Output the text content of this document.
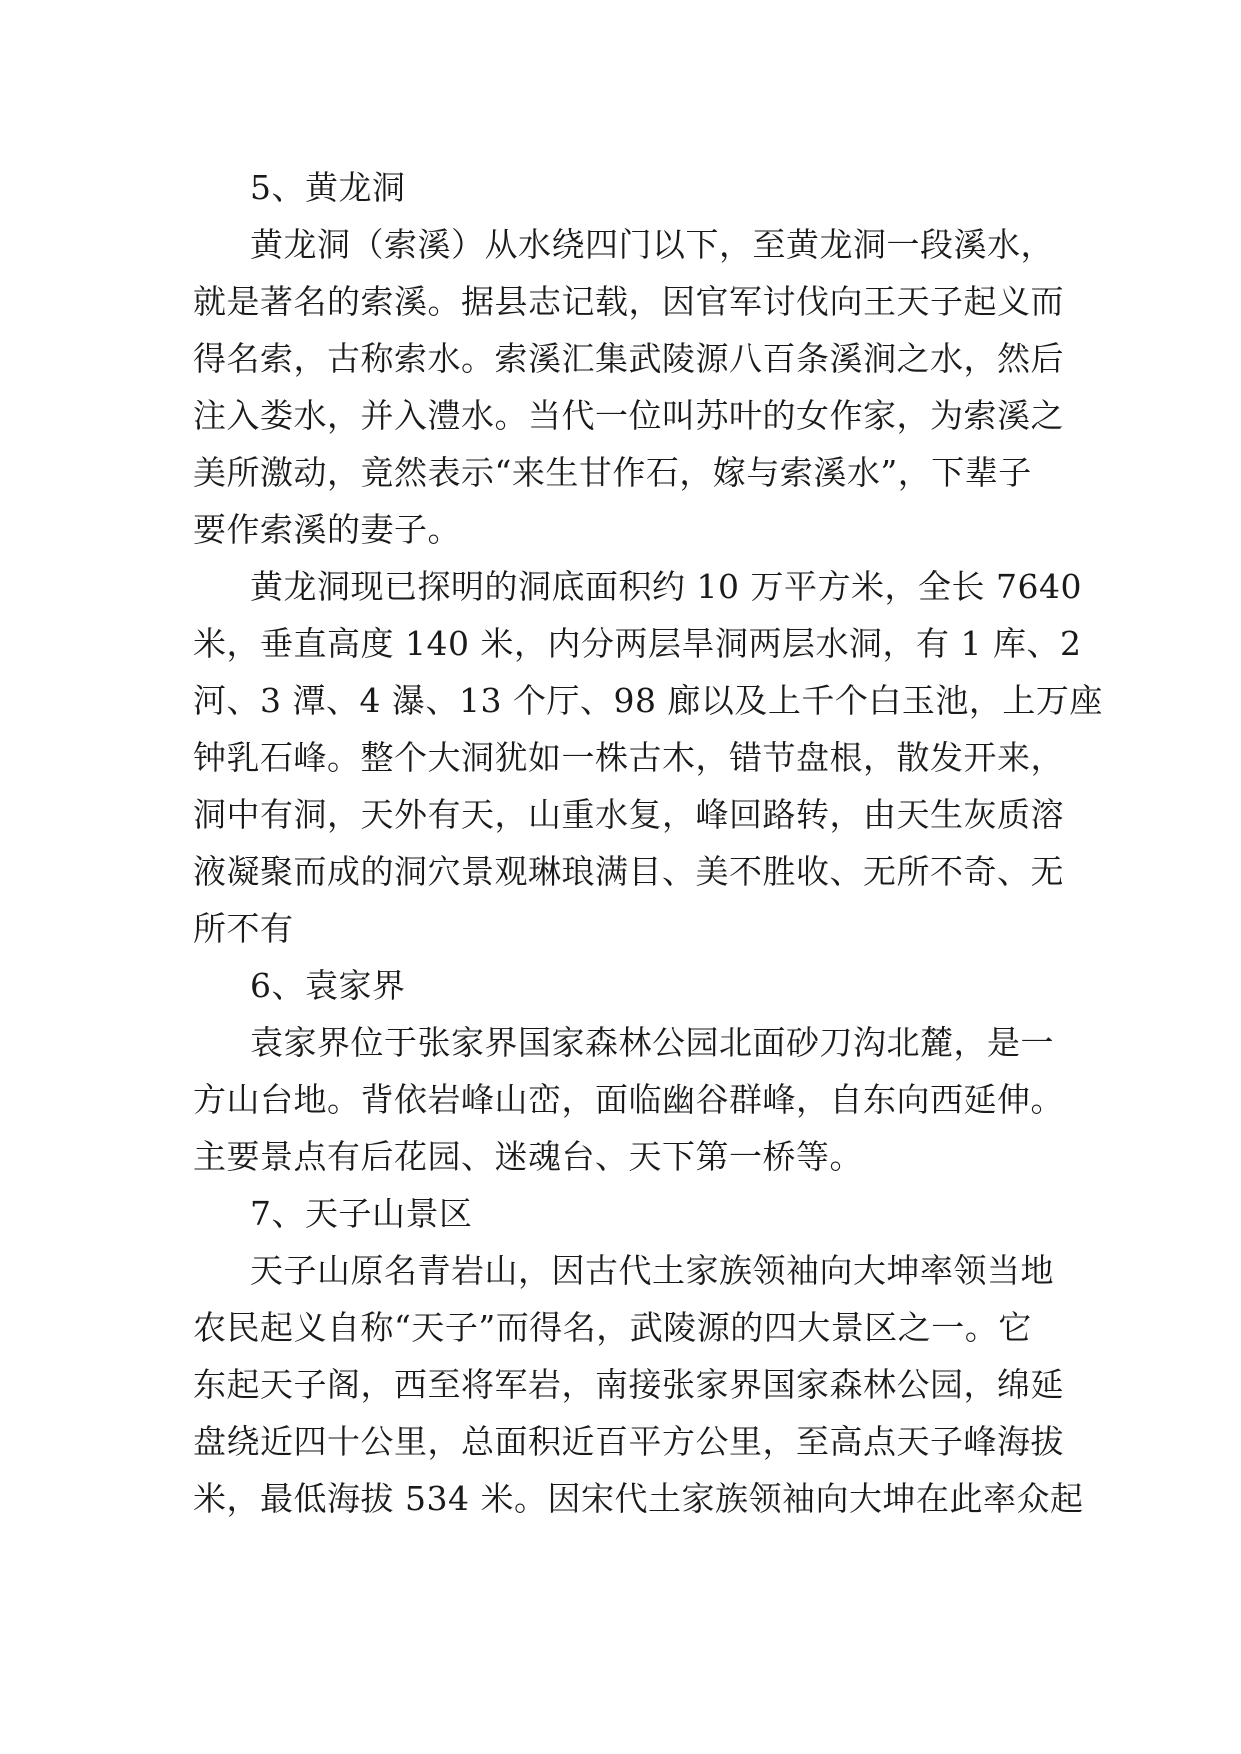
5、黄龙洞

黄龙洞（索溪）从水绕四门以下，至黄龙洞一段溪水，

就是著名的索溪。据县志记载，因官军讨伐向王天子起义而

得名索，古称索水。索溪汇集武陵源八百条溪涧之水，然后

注入娄水，并入澧水。当代一位叫苏叶的女作家，为索溪之

美所激动，竟然表示“来生甘作石，嫁与索溪水”，下辈子

要作索溪的妻子。

黄龙洞现已探明的洞底面积约 10 万平方米，全长 7640

米，垂直高度 140 米，内分两层旱洞两层水洞，有 1 库、2

河、3 潭、4 瀑、13 个厅、98 廊以及上千个白玉池，上万座

钟乳石峰。整个大洞犹如一株古木，错节盘根，散发开来，

洞中有洞，天外有天，山重水复，峰回路转，由天生灰质溶

液凝聚而成的洞穴景观琳琅满目、美不胜收、无所不奇、无

所不有

6、袁家界

袁家界位于张家界国家森林公园北面砂刀沟北麓，是一

方山台地。背依岩峰山峦，面临幽谷群峰，自东向西延伸。

主要景点有后花园、迷魂台、天下第一桥等。

7、天子山景区

天子山原名青岩山，因古代土家族领袖向大坤率领当地

农民起义自称“天子”而得名，武陵源的四大景区之一。它

东起天子阁，西至将军岩，南接张家界国家森林公园，绵延

盘绕近四十公里，总面积近百平方公里，至高点天子峰海拔

米，最低海拔 534 米。因宋代土家族领袖向大坤在此率众起
